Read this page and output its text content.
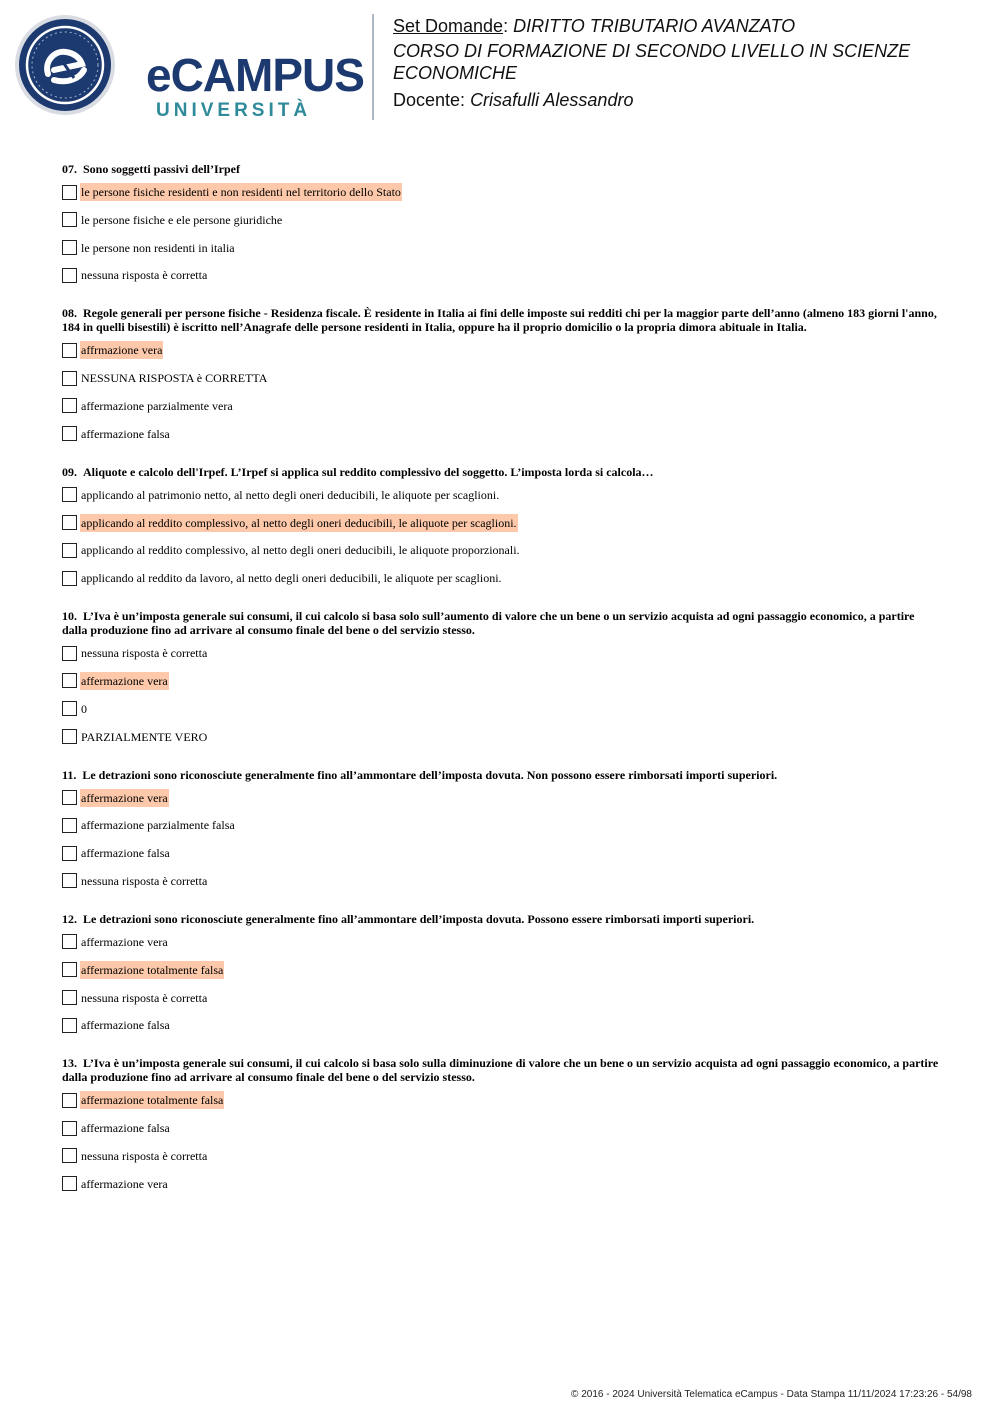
eCAMPUS
UNIVERSITÀ
Set Domande: DIRITTO TRIBUTARIO AVANZATO
CORSO DI FORMAZIONE DI SECONDO LIVELLO IN SCIENZE ECONOMICHE
Docente: Crisafulli Alessandro
07. Sono soggetti passivi dell’Irpef
le persone fisiche residenti e non residenti nel territorio dello Stato
le persone fisiche e ele persone giuridiche
le persone non residenti in italia
nessuna risposta è corretta
08. Regole generali per persone fisiche - Residenza fiscale. È residente in Italia ai fini delle imposte sui redditi chi per la maggior parte dell’anno (almeno 183 giorni l'anno, 184 in quelli bisestili) è iscritto nell’Anagrafe delle persone residenti in Italia, oppure ha il proprio domicilio o la propria dimora abituale in Italia.
affrmazione vera
NESSUNA RISPOSTA è CORRETTA
affermazione parzialmente vera
affermazione falsa
09. Aliquote e calcolo dell'Irpef. L’Irpef si applica sul reddito complessivo del soggetto. L’imposta lorda si calcola…
applicando al patrimonio netto, al netto degli oneri deducibili, le aliquote per scaglioni.
applicando al reddito complessivo, al netto degli oneri deducibili, le aliquote per scaglioni.
applicando al reddito complessivo, al netto degli oneri deducibili, le aliquote proporzionali.
applicando al reddito da lavoro, al netto degli oneri deducibili, le aliquote per scaglioni.
10. L’Iva è un’imposta generale sui consumi, il cui calcolo si basa solo sull’aumento di valore che un bene o un servizio acquista ad ogni passaggio economico, a partire dalla produzione fino ad arrivare al consumo finale del bene o del servizio stesso.
nessuna risposta è corretta
affermazione vera
0
PARZIALMENTE VERO
11. Le detrazioni sono riconosciute generalmente fino all’ammontare dell’imposta dovuta. Non possono essere rimborsati importi superiori.
affermazione vera
affermazione parzialmente falsa
affermazione falsa
nessuna risposta è corretta
12. Le detrazioni sono riconosciute generalmente fino all’ammontare dell’imposta dovuta. Possono essere rimborsati importi superiori.
affermazione vera
affermazione totalmente falsa
nessuna risposta è corretta
affermazione falsa
13. L’Iva è un’imposta generale sui consumi, il cui calcolo si basa solo sulla diminuzione di valore che un bene o un servizio acquista ad ogni passaggio economico, a partire dalla produzione fino ad arrivare al consumo finale del bene o del servizio stesso.
affermazione totalmente falsa
affermazione falsa
nessuna risposta è corretta
affermazione vera
© 2016 - 2024 Università Telematica eCampus - Data Stampa 11/11/2024 17:23:26 - 54/98
